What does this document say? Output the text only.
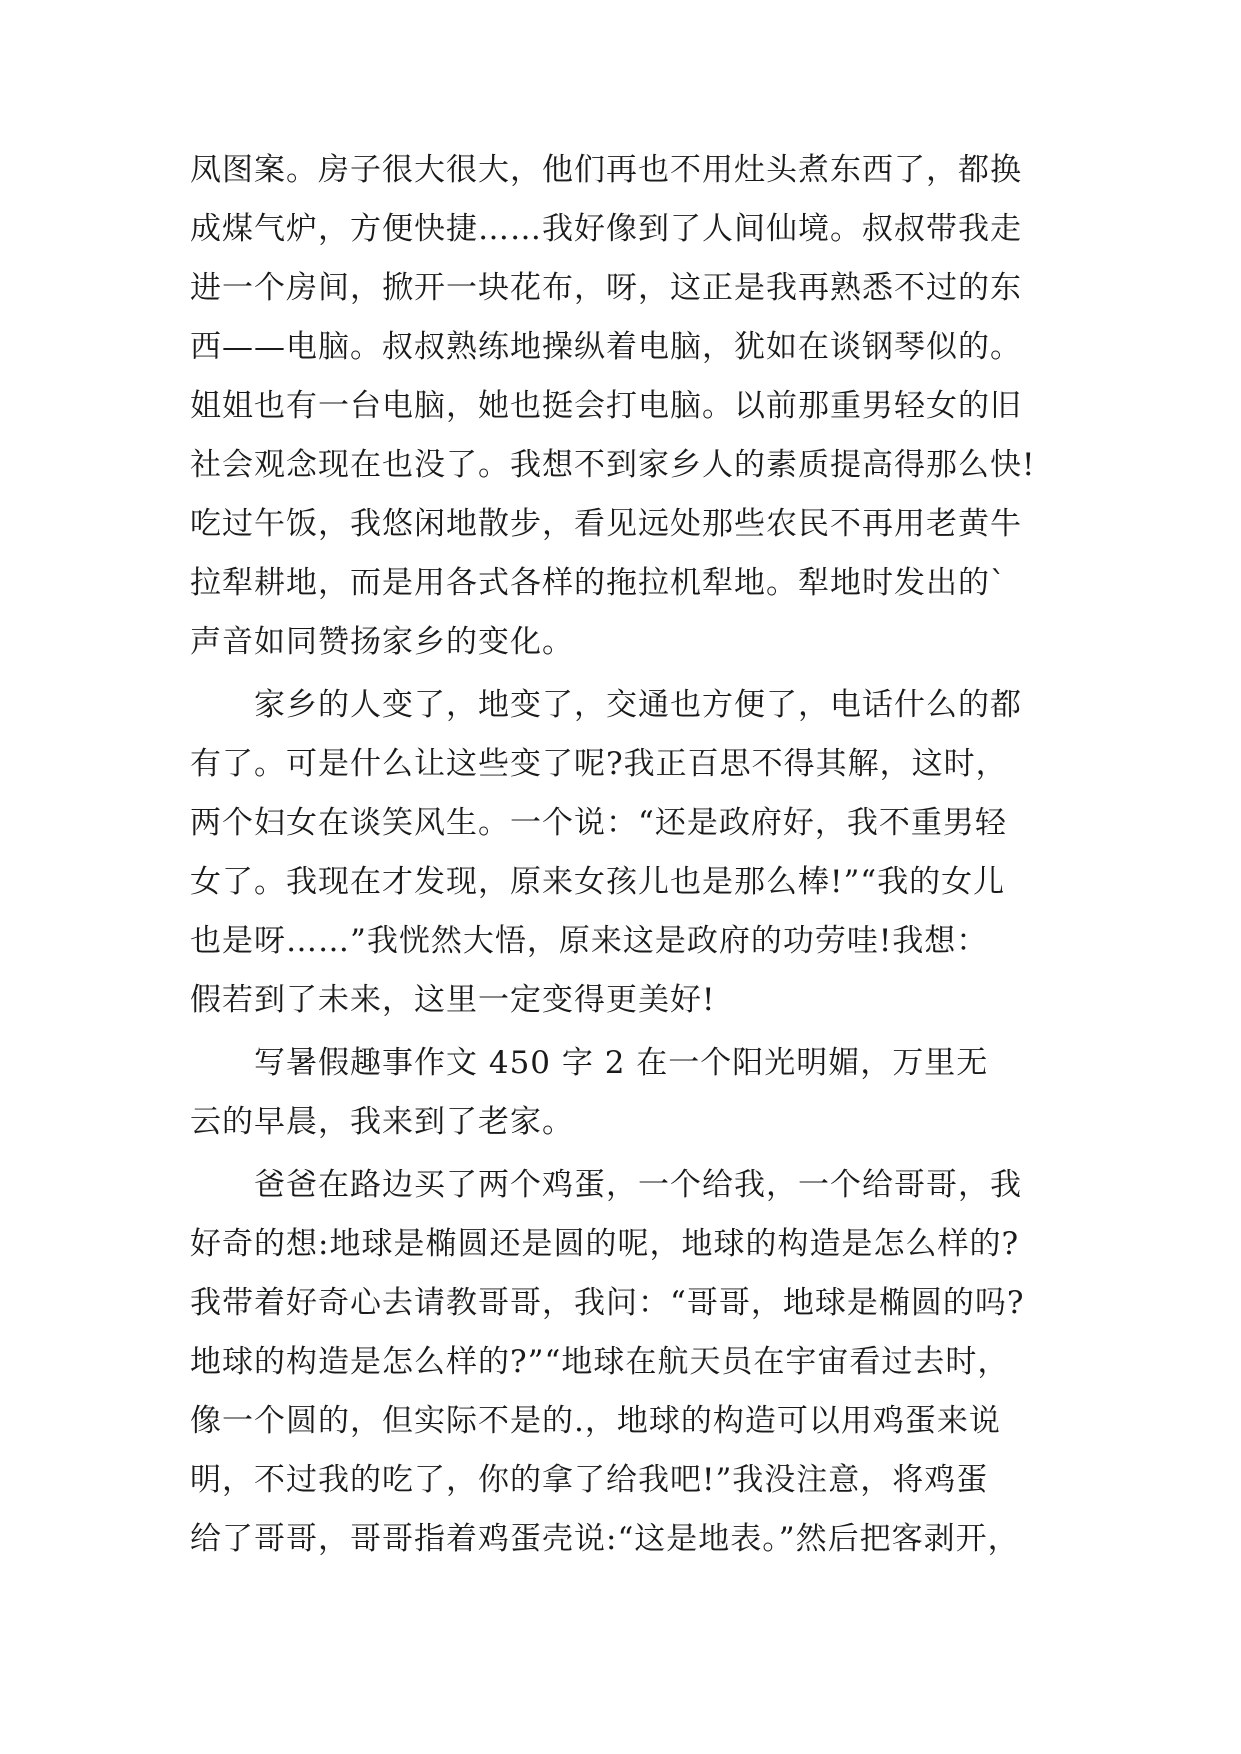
凤图案。房子很大很大，他们再也不用灶头煮东西了，都换
成煤气炉，方便快捷……我好像到了人间仙境。叔叔带我走
进一个房间，掀开一块花布，呀，这正是我再熟悉不过的东
西——电脑。叔叔熟练地操纵着电脑，犹如在谈钢琴似的。
姐姐也有一台电脑，她也挺会打电脑。以前那重男轻女的旧
社会观念现在也没了。我想不到家乡人的素质提高得那么快!
吃过午饭，我悠闲地散步，看见远处那些农民不再用老黄牛
拉犁耕地，而是用各式各样的拖拉机犁地。犁地时发出的`
声音如同赞扬家乡的变化。
家乡的人变了，地变了，交通也方便了，电话什么的都
有了。可是什么让这些变了呢?我正百思不得其解，这时，
两个妇女在谈笑风生。一个说：“还是政府好，我不重男轻
女了。我现在才发现，原来女孩儿也是那么棒!”“我的女儿
也是呀……”我恍然大悟，原来这是政府的功劳哇!我想：
假若到了未来，这里一定变得更美好!
写暑假趣事作文 450 字 2 在一个阳光明媚，万里无
云的早晨，我来到了老家。
爸爸在路边买了两个鸡蛋，一个给我，一个给哥哥，我
好奇的想:地球是椭圆还是圆的呢，地球的构造是怎么样的?
我带着好奇心去请教哥哥，我问：“哥哥，地球是椭圆的吗?
地球的构造是怎么样的?”“地球在航天员在宇宙看过去时，
像一个圆的，但实际不是的.，地球的构造可以用鸡蛋来说
明，不过我的吃了，你的拿了给我吧!”我没注意，将鸡蛋
给了哥哥，哥哥指着鸡蛋壳说:“这是地表。”然后把客剥开，
